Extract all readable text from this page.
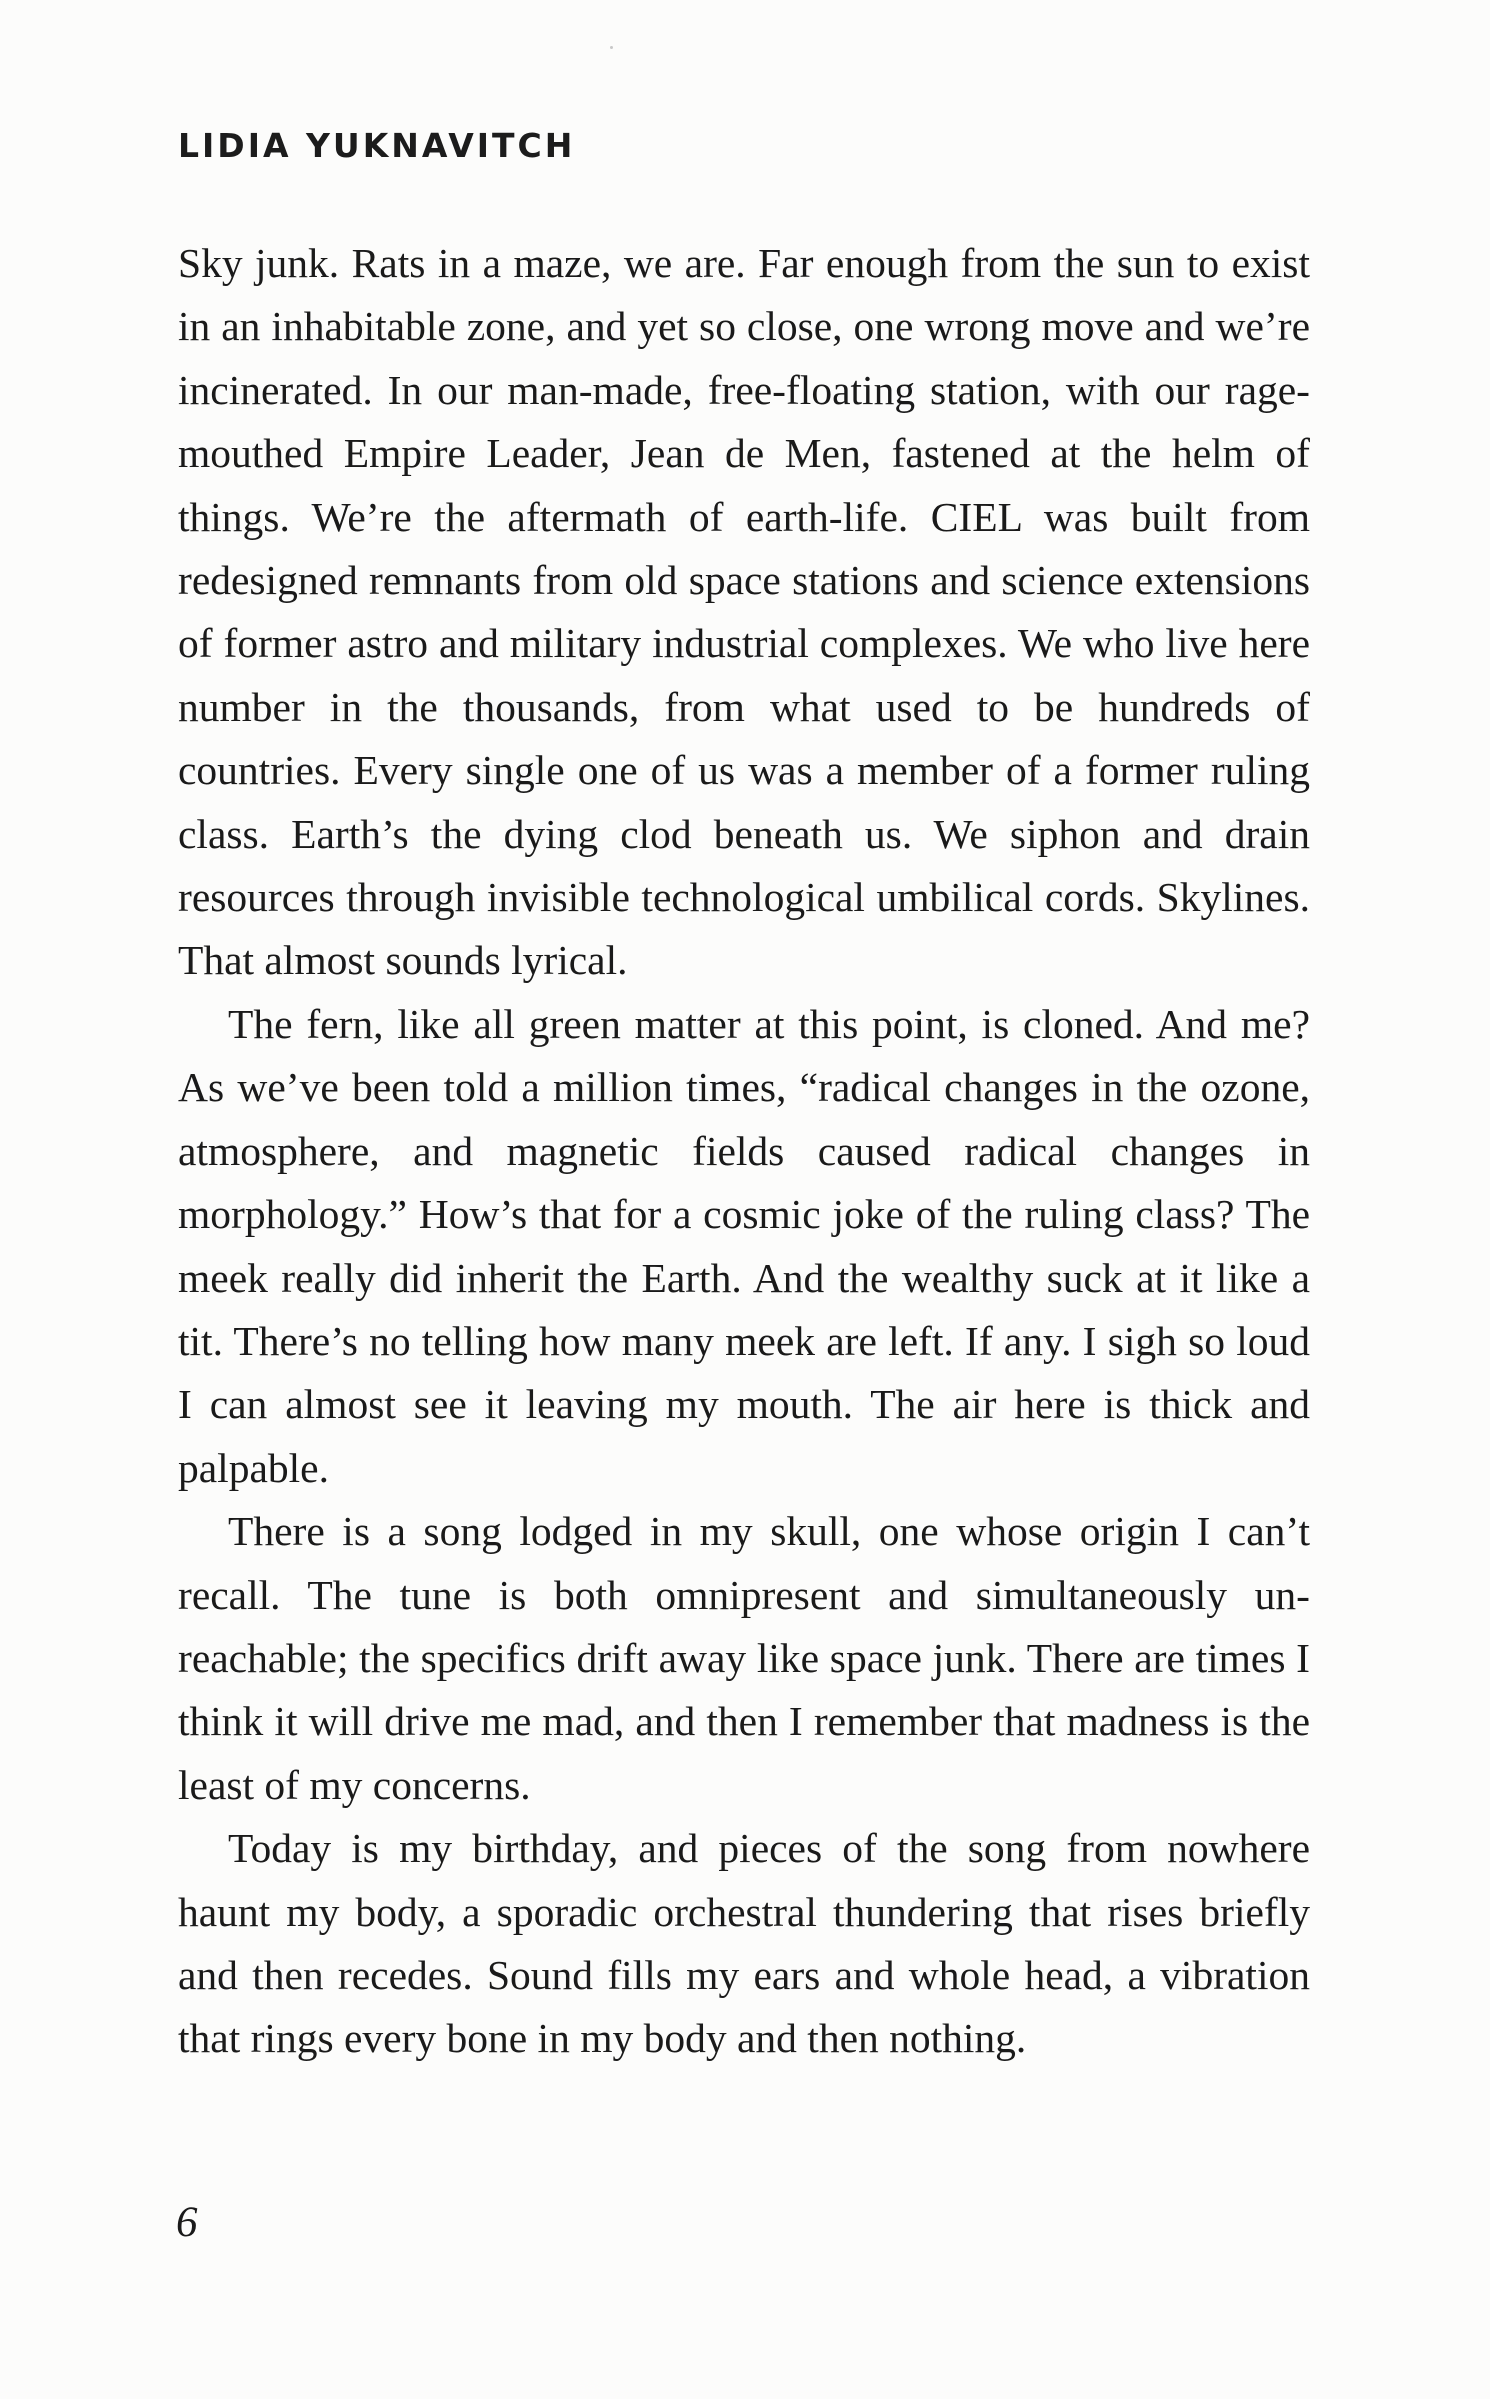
LIDIA YUKNAVITCH

Sky junk. Rats in a maze, we are. Far enough from the sun to exist in an inhabitable zone, and yet so close, one wrong move and we’re incinerated. In our man-made, free-floating station, with our rage-mouthed Empire Leader, Jean de Men, fastened at the helm of things. We’re the aftermath of earth-life. CIEL was built from redesigned remnants from old space stations and science extensions of former astro and military industrial complexes. We who live here number in the thousands, from what used to be hundreds of countries. Every single one of us was a member of a former ruling class. Earth’s the dying clod beneath us. We siphon and drain resources through invisible technological umbilical cords. Skylines. That almost sounds lyrical.

The fern, like all green matter at this point, is cloned. And me? As we’ve been told a million times, “radical changes in the ozone, atmosphere, and magnetic fields caused radical changes in morphology.” How’s that for a cosmic joke of the ruling class? The meek really did inherit the Earth. And the wealthy suck at it like a tit. There’s no telling how many meek are left. If any. I sigh so loud I can almost see it leaving my mouth. The air here is thick and palpable.

There is a song lodged in my skull, one whose origin I can’t recall. The tune is both omnipresent and simultaneously unreachable; the specifics drift away like space junk. There are times I think it will drive me mad, and then I remember that madness is the least of my concerns.

Today is my birthday, and pieces of the song from nowhere haunt my body, a sporadic orchestral thundering that rises briefly and then recedes. Sound fills my ears and whole head, a vibration that rings every bone in my body and then nothing.

6
